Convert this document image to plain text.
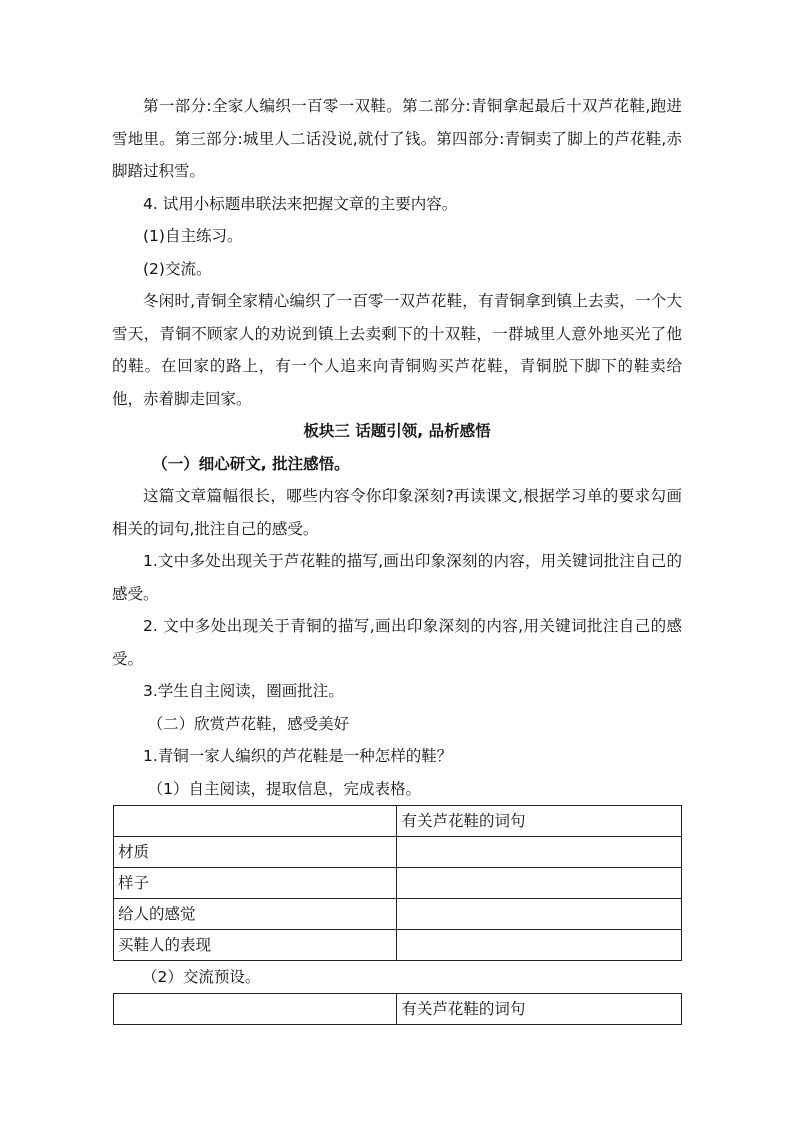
第一部分:全家人编织一百零一双鞋。第二部分:青铜拿起最后十双芦花鞋,跑进雪地里。第三部分:城里人二话没说,就付了钱。第四部分:青铜卖了脚上的芦花鞋,赤脚踏过积雪。

4. 试用小标题串联法来把握文章的主要内容。

(1)自主练习。

(2)交流。

冬闲时,青铜全家精心编织了一百零一双芦花鞋，有青铜拿到镇上去卖，一个大雪天，青铜不顾家人的劝说到镇上去卖剩下的十双鞋，一群城里人意外地买光了他的鞋。在回家的路上，有一个人追来向青铜购买芦花鞋，青铜脱下脚下的鞋卖给他，赤着脚走回家。

板块三 话题引领, 品析感悟

（一）细心研文, 批注感悟。

这篇文章篇幅很长，哪些内容令你印象深刻?再读课文,根据学习单的要求勾画相关的词句,批注自己的感受。

1.文中多处出现关于芦花鞋的描写,画出印象深刻的内容，用关键词批注自己的感受。

2. 文中多处出现关于青铜的描写,画出印象深刻的内容,用关键词批注自己的感受。

3.学生自主阅读，圈画批注。

（二）欣赏芦花鞋，感受美好

1.青铜一家人编织的芦花鞋是一种怎样的鞋？

（1）自主阅读，提取信息，完成表格。

	有关芦花鞋的词句
材质	
样子	
给人的感觉	
买鞋人的表现	

（2）交流预设。

	有关芦花鞋的词句
